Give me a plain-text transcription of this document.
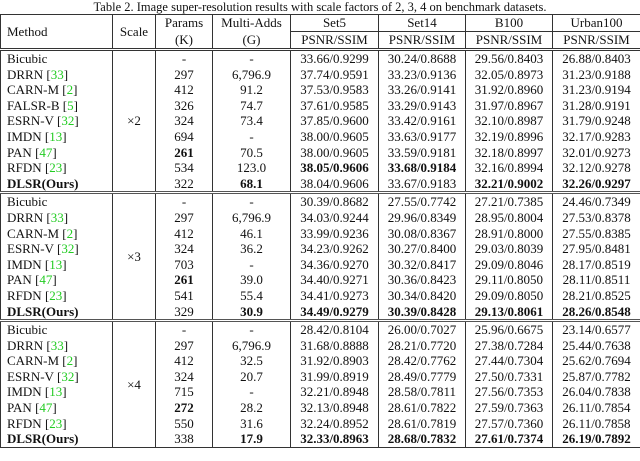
Table 2. Image super-resolution results with scale factors of 2, 3, 4 on benchmark datasets.
Method	Scale	Params	Multi-Adds	Set5	Set14	B100	Urban100
		(K)	(G)	PSNR/SSIM	PSNR/SSIM	PSNR/SSIM	PSNR/SSIM
Bicubic	×2	-	-	33.66/0.9299	30.24/0.8688	29.56/0.8403	26.88/0.8403
DRRN [33]		297	6,796.9	37.74/0.9591	33.23/0.9136	32.05/0.8973	31.23/0.9188
CARN-M [2]		412	91.2	37.53/0.9583	33.26/0.9141	31.92/0.8960	31.23/0.9194
FALSR-B [5]		326	74.7	37.61/0.9585	33.29/0.9143	31.97/0.8967	31.28/0.9191
ESRN-V [32]		324	73.4	37.85/0.9600	33.42/0.9161	32.10/0.8987	31.79/0.9248
IMDN [13]		694	-	38.00/0.9605	33.63/0.9177	32.19/0.8996	32.17/0.9283
PAN [47]		261	70.5	38.00/0.9605	33.59/0.9181	32.18/0.8997	32.01/0.9273
RFDN [23]		534	123.0	38.05/0.9606	33.68/0.9184	32.16/0.8994	32.12/0.9278
DLSR(Ours)		322	68.1	38.04/0.9606	33.67/0.9183	32.21/0.9002	32.26/0.9297
Bicubic	×3	-	-	30.39/0.8682	27.55/0.7742	27.21/0.7385	24.46/0.7349
DRRN [33]		297	6,796.9	34.03/0.9244	29.96/0.8349	28.95/0.8004	27.53/0.8378
CARN-M [2]		412	46.1	33.99/0.9236	30.08/0.8367	28.91/0.8000	27.55/0.8385
ESRN-V [32]		324	36.2	34.23/0.9262	30.27/0.8400	29.03/0.8039	27.95/0.8481
IMDN [13]		703	-	34.36/0.9270	30.32/0.8417	29.09/0.8046	28.17/0.8519
PAN [47]		261	39.0	34.40/0.9271	30.36/0.8423	29.11/0.8050	28.11/0.8511
RFDN [23]		541	55.4	34.41/0.9273	30.34/0.8420	29.09/0.8050	28.21/0.8525
DLSR(Ours)		329	30.9	34.49/0.9279	30.39/0.8428	29.13/0.8061	28.26/0.8548
Bicubic	×4	-	-	28.42/0.8104	26.00/0.7027	25.96/0.6675	23.14/0.6577
DRRN [33]		297	6,796.9	31.68/0.8888	28.21/0.7720	27.38/0.7284	25.44/0.7638
CARN-M [2]		412	32.5	31.92/0.8903	28.42/0.7762	27.44/0.7304	25.62/0.7694
ESRN-V [32]		324	20.7	31.99/0.8919	28.49/0.7779	27.50/0.7331	25.87/0.7782
IMDN [13]		715	-	32.21/0.8948	28.58/0.7811	27.56/0.7353	26.04/0.7838
PAN [47]		272	28.2	32.13/0.8948	28.61/0.7822	27.59/0.7363	26.11/0.7854
RFDN [23]		550	31.6	32.24/0.8952	28.61/0.7819	27.57/0.7360	26.11/0.7858
DLSR(Ours)		338	17.9	32.33/0.8963	28.68/0.7832	27.61/0.7374	26.19/0.7892
